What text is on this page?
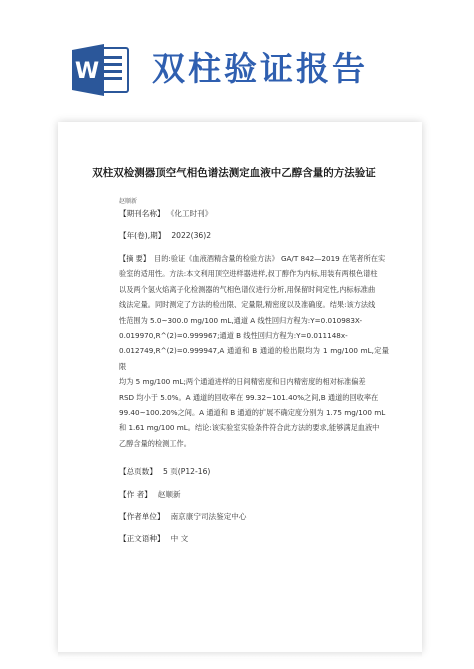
W 双柱验证报告
双柱双检测器顶空气相色谱法测定血液中乙醇含量的方法验证
赵顺新
【期刊名称】 《化工时刊》
【年(卷),期】 2022(36)2
【摘 要】 目的:验证《血液酒精含量的检验方法》 GA/T 842—2019 在笔者所在实
验室的适用性。方法:本文利用顶空进样器进样,叔丁醇作为内标,用装有两根色谱柱
以及两个氢火焰离子化检测器的气相色谱仪进行分析,用保留时间定性,内标标准曲
线法定量。同时测定了方法的检出限、定量限,精密度以及准确度。结果:该方法线
性范围为 5.0~300.0 mg/100 mL,通道 A 线性回归方程为:Y=0.010983X-
0.019970,R^(2)=0.999967;通道 B 线性回归方程为:Y=0.011148x-
0.012749,R^(2)=0.999947,A 通道和 B 通道的检出限均为 1 mg/100 mL,定量限
均为 5 mg/100 mL;两个通道进样的日间精密度和日内精密度的相对标准偏差
RSD 均小于 5.0%。A 通道的回收率在 99.32~101.40%之间,B 通道的回收率在
99.40~100.20%之间。A 通道和 B 通道的扩展不确定度分别为 1.75 mg/100 mL
和 1.61 mg/100 mL。结论:该实验室实验条件符合此方法的要求,能够满足血液中
乙醇含量的检测工作。
【总页数】 5 页(P12-16)
【作 者】 赵顺新
【作者单位】 南京康宁司法鉴定中心
【正文语种】 中 文
